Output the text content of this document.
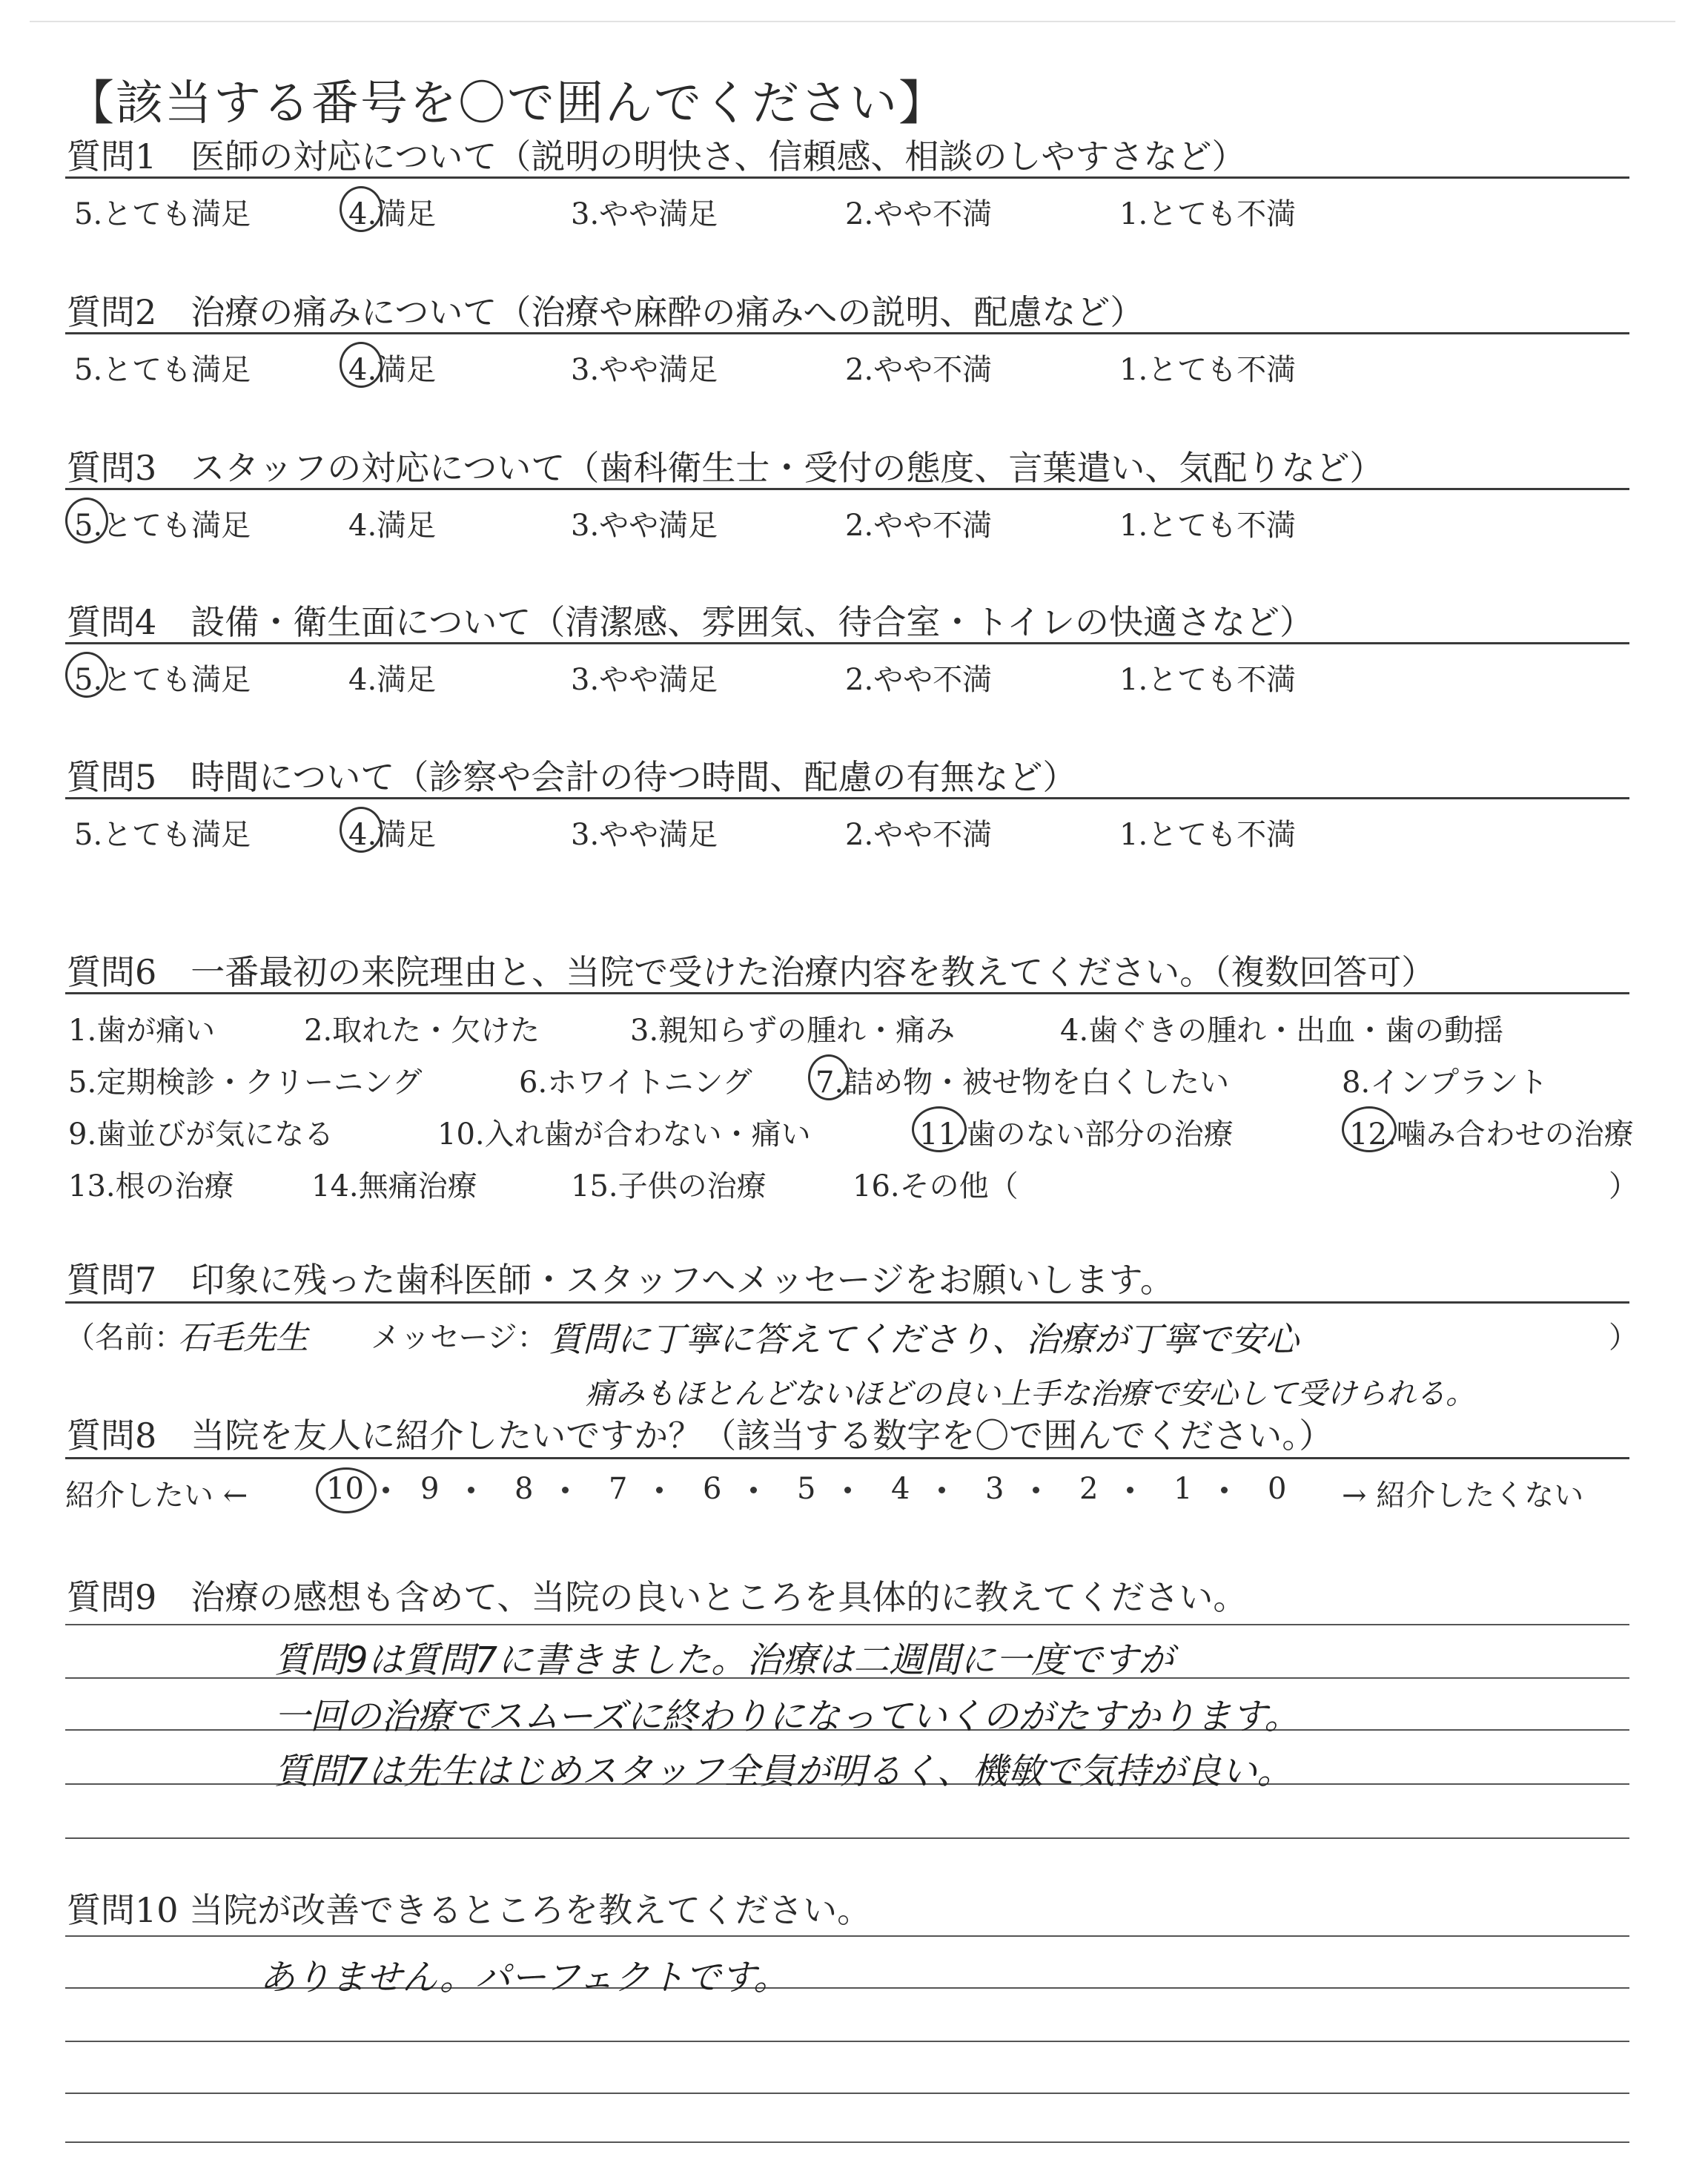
【該当する番号を〇で囲んでください】
質問1　医師の対応について（説明の明快さ、信頼感、相談のしやすさなど）
5.とても満足	4.満足	3.やや満足	2.やや不満	1.とても不満
質問2　治療の痛みについて（治療や麻酔の痛みへの説明、配慮など）
5.とても満足	4.満足	3.やや満足	2.やや不満	1.とても不満
質問3　スタッフの対応について（歯科衛生士・受付の態度、言葉遣い、気配りなど）
5.とても満足	4.満足	3.やや満足	2.やや不満	1.とても不満
質問4　設備・衛生面について（清潔感、雰囲気、待合室・トイレの快適さなど）
5.とても満足	4.満足	3.やや満足	2.やや不満	1.とても不満
質問5　時間について（診察や会計の待つ時間、配慮の有無など）
5.とても満足	4.満足	3.やや満足	2.やや不満	1.とても不満
質問6　一番最初の来院理由と、当院で受けた治療内容を教えてください。（複数回答可）
1.歯が痛い	2.取れた・欠けた	3.親知らずの腫れ・痛み	4.歯ぐきの腫れ・出血・歯の動揺
5.定期検診・クリーニング	6.ホワイトニング 7.詰め物・被せ物を白くしたい	8.インプラント
9.歯並びが気になる	10.入れ歯が合わない・痛い	11.歯のない部分の治療	12.噛み合わせの治療
13.根の治療	14.無痛治療	15.子供の治療	16.その他（	）
質問7　印象に残った歯科医師・スタッフへメッセージをお願いします。
（名前：
石毛先生 メッセージ： 質問に丁寧に答えてくださり、治療が丁寧で安心	）
痛みもほとんどないほどの良い上手な治療で安心して受けられる。
質問8　当院を友人に紹介したいですか？（該当する数字を〇で囲んでください。）
紹介したい ←	10 9	8	7	6	5	4	3	2	1	0 → 紹介したくない
質問9　治療の感想も含めて、当院の良いところを具体的に教えてください。
質問9は質問7に書きました。治療は二週間に一度ですが
一回の治療でスムーズに終わりになっていくのがたすかります。
質問7は先生はじめスタッフ全員が明るく、機敏で気持が良い。
質問10 当院が改善できるところを教えてください。
ありません。パーフェクトです。
